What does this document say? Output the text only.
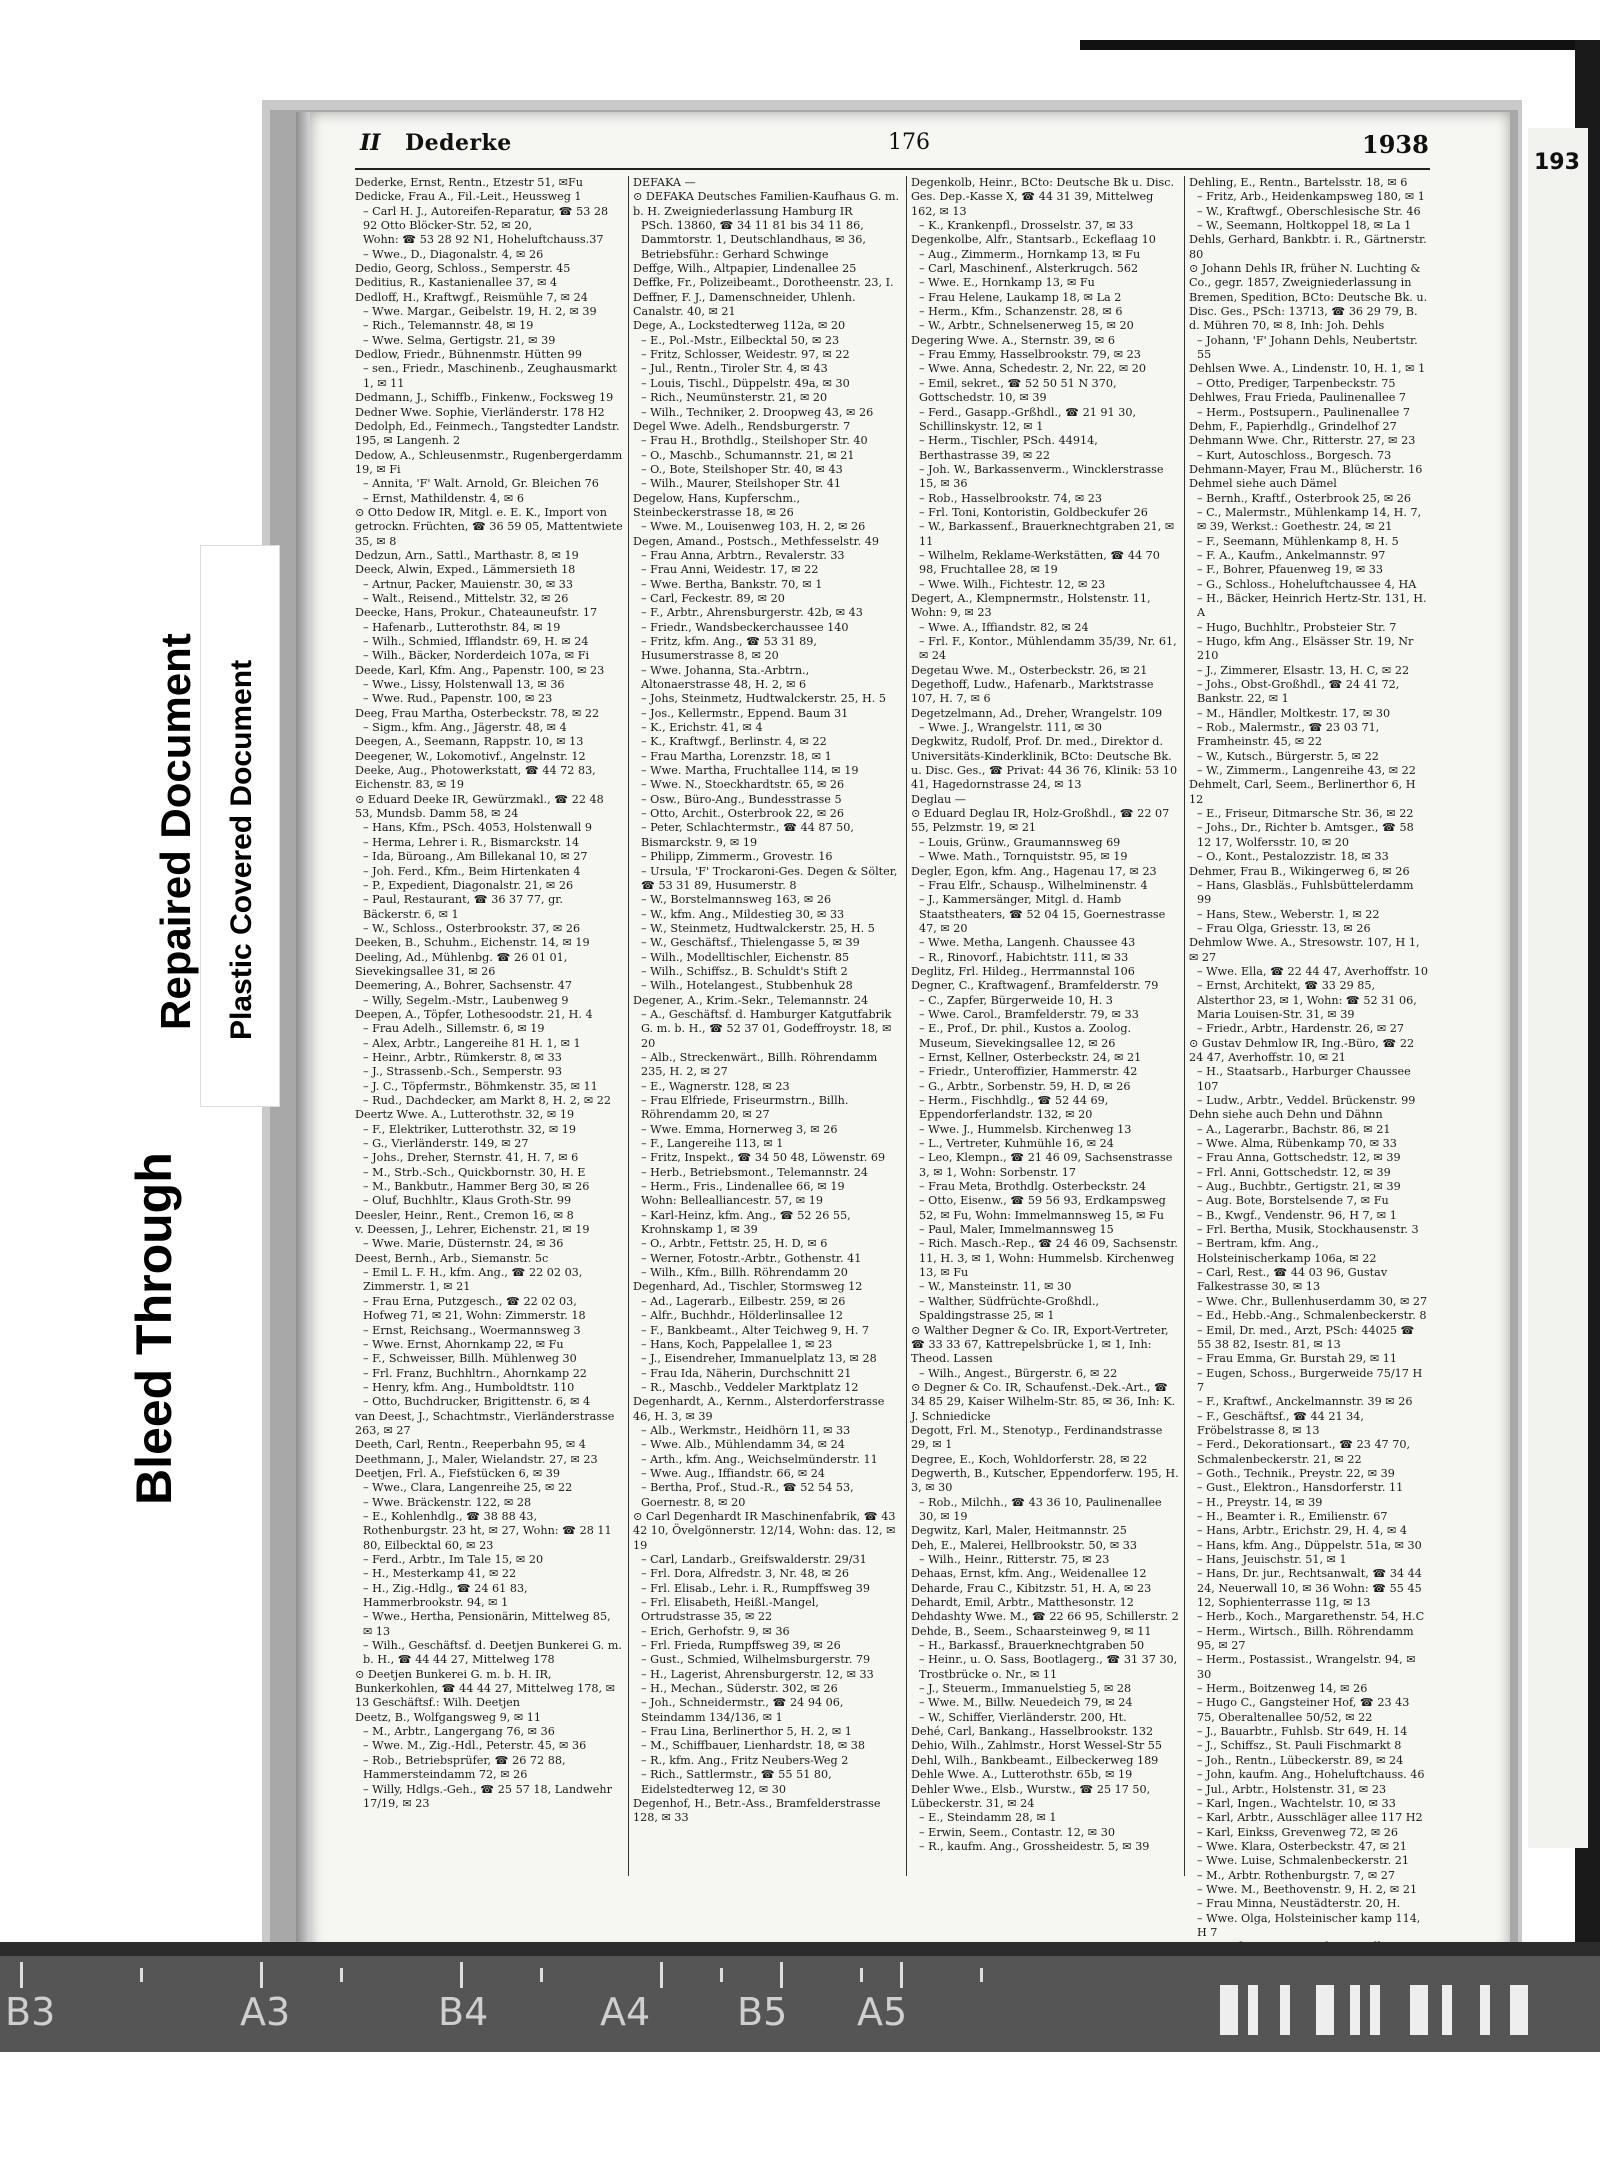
193
II Dederke	176	1938
Dederke, Ernst, Rentn., Etzestr 51, ✉Fu
Dedicke, Frau A., Fil.-Leit., Heussweg 1
– Carl H. J., Autoreifen-Reparatur, ☎ 53 28 92 Otto Blöcker-Str. 52, ✉ 20,
Wohn: ☎ 53 28 92 N1, Hoheluftchauss.37
– Wwe., D., Diagonalstr. 4, ✉ 26
Dedio, Georg, Schloss., Semperstr. 45
Deditius, R., Kastanienallee 37, ✉ 4
Dedloff, H., Kraftwgf., Reismühle 7, ✉ 24
– Wwe. Margar., Geibelstr. 19, H. 2, ✉ 39
– Rich., Telemannstr. 48, ✉ 19
– Wwe. Selma, Gertigstr. 21, ✉ 39
Dedlow, Friedr., Bühnenmstr. Hütten 99
– sen., Friedr., Maschinenb., Zeughausmarkt 1, ✉ 11
Dedmann, J., Schiffb., Finkenw., Focksweg 19
Dedner Wwe. Sophie, Vierländerstr. 178 H2
Dedolph, Ed., Feinmech., Tangstedter Landstr. 195, ✉ Langenh. 2
Dedow, A., Schleusenmstr., Rugenbergerdamm 19, ✉ Fi
– Annita, 'F' Walt. Arnold, Gr. Bleichen 76
– Ernst, Mathildenstr. 4, ✉ 6
⊙ Otto Dedow IR, Mitgl. e. E. K., Import von getrockn. Früchten, ☎ 36 59 05, Mattentwiete 35, ✉ 8
Dedzun, Arn., Sattl., Marthastr. 8, ✉ 19
Deeck, Alwin, Exped., Lämmersieth 18
– Artnur, Packer, Mauienstr. 30, ✉ 33
– Walt., Reisend., Mittelstr. 32, ✉ 26
Deecke, Hans, Prokur., Chateauneufstr. 17
– Hafenarb., Lutterothstr. 84, ✉ 19
– Wilh., Schmied, Ifflandstr. 69, H. ✉ 24
– Wilh., Bäcker, Norderdeich 107a, ✉ Fi
Deede, Karl, Kfm. Ang., Papenstr. 100, ✉ 23
– Wwe., Lissy, Holstenwall 13, ✉ 36
– Wwe. Rud., Papenstr. 100, ✉ 23
Deeg, Frau Martha, Osterbeckstr. 78, ✉ 22
– Sigm., kfm. Ang., Jägerstr. 48, ✉ 4
Deegen, A., Seemann, Rappstr. 10, ✉ 13
Deegener, W., Lokomotivf., Angelnstr. 12
Deeke, Aug., Photowerkstatt, ☎ 44 72 83, Eichenstr. 83, ✉ 19
⊙ Eduard Deeke IR, Gewürzmakl., ☎ 22 48 53, Mundsb. Damm 58, ✉ 24
– Hans, Kfm., PSch. 4053, Holstenwall 9
– Herma, Lehrer i. R., Bismarckstr. 14
– Ida, Büroang., Am Billekanal 10, ✉ 27
– Joh. Ferd., Kfm., Beim Hirtenkaten 4
– P., Expedient, Diagonalstr. 21, ✉ 26
– Paul, Restaurant, ☎ 36 37 77, gr. Bäckerstr. 6, ✉ 1
– W., Schloss., Osterbrookstr. 37, ✉ 26
Deeken, B., Schuhm., Eichenstr. 14, ✉ 19
Deeling, Ad., Mühlenbg. ☎ 26 01 01, Sievekingsallee 31, ✉ 26
Deemering, A., Bohrer, Sachsenstr. 47
– Willy, Segelm.-Mstr., Laubenweg 9
Deepen, A., Töpfer, Lothesoodstr. 21, H. 4
– Frau Adelh., Sillemstr. 6, ✉ 19
– Alex, Arbtr., Langereihe 81 H. 1, ✉ 1
– Heinr., Arbtr., Rümkerstr. 8, ✉ 33
– J., Strassenb.-Sch., Semperstr. 93
– J. C., Töpfermstr., Böhmkenstr. 35, ✉ 11
– Rud., Dachdecker, am Markt 8, H. 2, ✉ 22
Deertz Wwe. A., Lutterothstr. 32, ✉ 19
– F., Elektriker, Lutterothstr. 32, ✉ 19
– G., Vierländerstr. 149, ✉ 27
– Johs., Dreher, Sternstr. 41, H. 7, ✉ 6
– M., Strb.-Sch., Quickbornstr. 30, H. E
– M., Bankbutr., Hammer Berg 30, ✉ 26
– Oluf, Buchhltr., Klaus Groth-Str. 99
Deesler, Heinr., Rent., Cremon 16, ✉ 8
v. Deessen, J., Lehrer, Eichenstr. 21, ✉ 19
– Wwe. Marie, Düsternstr. 24, ✉ 36
Deest, Bernh., Arb., Siemanstr. 5c
– Emil L. F. H., kfm. Ang., ☎ 22 02 03, Zimmerstr. 1, ✉ 21
– Frau Erna, Putzgesch., ☎ 22 02 03, Hofweg 71, ✉ 21, Wohn: Zimmerstr. 18
– Ernst, Reichsang., Woermannsweg 3
– Wwe. Ernst, Ahornkamp 22, ✉ Fu
– F., Schweisser, Billh. Mühlenweg 30
– Frl. Franz, Buchhltrn., Ahornkamp 22
– Henry, kfm. Ang., Humboldtstr. 110
– Otto, Buchdrucker, Brigittenstr. 6, ✉ 4
van Deest, J., Schachtmstr., Vierländerstrasse 263, ✉ 27
Deeth, Carl, Rentn., Reeperbahn 95, ✉ 4
Deethmann, J., Maler, Wielandstr. 27, ✉ 23
Deetjen, Frl. A., Fiefstücken 6, ✉ 39
– Wwe., Clara, Langenreihe 25, ✉ 22
– Wwe. Bräckenstr. 122, ✉ 28
– E., Kohlenhdlg., ☎ 38 88 43, Rothenburgstr. 23 ht, ✉ 27, Wohn: ☎ 28 11 80, Eilbecktal 60, ✉ 23
– Ferd., Arbtr., Im Tale 15, ✉ 20
– H., Mesterkamp 41, ✉ 22
– H., Zig.-Hdlg., ☎ 24 61 83, Hammerbrookstr. 94, ✉ 1
– Wwe., Hertha, Pensionärin, Mittelweg 85, ✉ 13
– Wilh., Geschäftsf. d. Deetjen Bunkerei G. m. b. H., ☎ 44 44 27, Mittelweg 178
⊙ Deetjen Bunkerei G. m. b. H. IR, Bunkerkohlen, ☎ 44 44 27, Mittelweg 178, ✉ 13 Geschäftsf.: Wilh. Deetjen
Deetz, B., Wolfgangsweg 9, ✉ 11
– M., Arbtr., Langergang 76, ✉ 36
– Wwe. M., Zig.-Hdl., Peterstr. 45, ✉ 36
– Rob., Betriebsprüfer, ☎ 26 72 88, Hammersteindamm 72, ✉ 26
– Willy, Hdlgs.-Geh., ☎ 25 57 18, Landwehr 17/19, ✉ 23
DEFAKA —
⊙ DEFAKA Deutsches Familien-Kaufhaus G. m. b. H. Zweigniederlassung Hamburg IR
PSch. 13860, ☎ 34 11 81 bis 34 11 86, Dammtorstr. 1, Deutschlandhaus, ✉ 36, Betriebsführ.: Gerhard Schwinge
Deffge, Wilh., Altpapier, Lindenallee 25
Deffke, Fr., Polizeibeamt., Dorotheenstr. 23, I.
Deffner, F. J., Damenschneider, Uhlenh. Canalstr. 40, ✉ 21
Dege, A., Lockstedterweg 112a, ✉ 20
– E., Pol.-Mstr., Eilbecktal 50, ✉ 23
– Fritz, Schlosser, Weidestr. 97, ✉ 22
– Jul., Rentn., Tiroler Str. 4, ✉ 43
– Louis, Tischl., Düppelstr. 49a, ✉ 30
– Rich., Neumünsterstr. 21, ✉ 20
– Wilh., Techniker, 2. Droopweg 43, ✉ 26
Degel Wwe. Adelh., Rendsburgerstr. 7
– Frau H., Brothdlg., Steilshoper Str. 40
– O., Maschb., Schumannstr. 21, ✉ 21
– O., Bote, Steilshoper Str. 40, ✉ 43
– Wilh., Maurer, Steilshoper Str. 41
Degelow, Hans, Kupferschm., Steinbeckerstrasse 18, ✉ 26
– Wwe. M., Louisenweg 103, H. 2, ✉ 26
Degen, Amand., Postsch., Methfesselstr. 49
– Frau Anna, Arbtrn., Revalerstr. 33
– Frau Anni, Weidestr. 17, ✉ 22
– Wwe. Bertha, Bankstr. 70, ✉ 1
– Carl, Feckestr. 89, ✉ 20
– F., Arbtr., Ahrensburgerstr. 42b, ✉ 43
– Friedr., Wandsbeckerchaussee 140
– Fritz, kfm. Ang., ☎ 53 31 89, Husumerstrasse 8, ✉ 20
– Wwe. Johanna, Sta.-Arbtrn., Altonaerstrasse 48, H. 2, ✉ 6
– Johs, Steinmetz, Hudtwalckerstr. 25, H. 5
– Jos., Kellermstr., Eppend. Baum 31
– K., Erichstr. 41, ✉ 4
– K., Kraftwgf., Berlinstr. 4, ✉ 22
– Frau Martha, Lorenzstr. 18, ✉ 1
– Wwe. Martha, Fruchtallee 114, ✉ 19
– Wwe. N., Stoeckhardtstr. 65, ✉ 26
– Osw., Büro-Ang., Bundesstrasse 5
– Otto, Archit., Osterbrook 22, ✉ 26
– Peter, Schlachtermstr., ☎ 44 87 50, Bismarckstr. 9, ✉ 19
– Philipp, Zimmerm., Grovestr. 16
– Ursula, 'F' Trockaroni-Ges. Degen & Sölter, ☎ 53 31 89, Husumerstr. 8
– W., Borstelmannsweg 163, ✉ 26
– W., kfm. Ang., Mildestieg 30, ✉ 33
– W., Steinmetz, Hudtwalckerstr. 25, H. 5
– W., Geschäftsf., Thielengasse 5, ✉ 39
– Wilh., Modelltischler, Eichenstr. 85
– Wilh., Schiffsz., B. Schuldt's Stift 2
– Wilh., Hotelangest., Stubbenhuk 28
Degener, A., Krim.-Sekr., Telemannstr. 24
– A., Geschäftsf. d. Hamburger Katgutfabrik G. m. b. H., ☎ 52 37 01, Godeffroystr. 18, ✉ 20
– Alb., Streckenwärt., Billh. Röhrendamm 235, H. 2, ✉ 27
– E., Wagnerstr. 128, ✉ 23
– Frau Elfriede, Friseurmstrn., Billh. Röhrendamm 20, ✉ 27
– Wwe. Emma, Hornerweg 3, ✉ 26
– F., Langereihe 113, ✉ 1
– Fritz, Inspekt., ☎ 34 50 48, Löwenstr. 69
– Herb., Betriebsmont., Telemannstr. 24
– Herm., Fris., Lindenallee 66, ✉ 19
Wohn: Bellealliancestr. 57, ✉ 19
– Karl-Heinz, kfm. Ang., ☎ 52 26 55, Krohnskamp 1, ✉ 39
– O., Arbtr., Fettstr. 25, H. D, ✉ 6
– Werner, Fotostr.-Arbtr., Gothenstr. 41
– Wilh., Kfm., Billh. Röhrendamm 20
Degenhard, Ad., Tischler, Stormsweg 12
– Ad., Lagerarb., Eilbestr. 259, ✉ 26
– Alfr., Buchhdr., Hölderlinsallee 12
– F., Bankbeamt., Alter Teichweg 9, H. 7
– Hans, Koch, Pappelallee 1, ✉ 23
– J., Eisendreher, Immanuelplatz 13, ✉ 28
– Frau Ida, Näherin, Durchschnitt 21
– R., Maschb., Veddeler Marktplatz 12
Degenhardt, A., Kernm., Alsterdorferstrasse 46, H. 3, ✉ 39
– Alb., Werkmstr., Heidhörn 11, ✉ 33
– Wwe. Alb., Mühlendamm 34, ✉ 24
– Arth., kfm. Ang., Weichselmünderstr. 11
– Wwe. Aug., Iffiandstr. 66, ✉ 24
– Bertha, Prof., Stud.-R., ☎ 52 54 53, Goernestr. 8, ✉ 20
⊙ Carl Degenhardt IR Maschinenfabrik, ☎ 43 42 10, Övelgönnerstr. 12/14, Wohn: das. 12, ✉ 19
– Carl, Landarb., Greifswalderstr. 29/31
– Frl. Dora, Alfredstr. 3, Nr. 48, ✉ 26
– Frl. Elisab., Lehr. i. R., Rumpffsweg 39
– Frl. Elisabeth, Heißl.-Mangel, Ortrudstrasse 35, ✉ 22
– Erich, Gerhofstr. 9, ✉ 36
– Frl. Frieda, Rumpffsweg 39, ✉ 26
– Gust., Schmied, Wilhelmsburgerstr. 79
– H., Lagerist, Ahrensburgerstr. 12, ✉ 33
– H., Mechan., Süderstr. 302, ✉ 26
– Joh., Schneidermstr., ☎ 24 94 06, Steindamm 134/136, ✉ 1
– Frau Lina, Berlinerthor 5, H. 2, ✉ 1
– M., Schiffbauer, Lienhardstr. 18, ✉ 38
– R., kfm. Ang., Fritz Neubers-Weg 2
– Rich., Sattlermstr., ☎ 55 51 80, Eidelstedterweg 12, ✉ 30
Degenhof, H., Betr.-Ass., Bramfelderstrasse 128, ✉ 33
Degenkolb, Heinr., BCto: Deutsche Bk u. Disc. Ges. Dep.-Kasse X, ☎ 44 31 39, Mittelweg 162, ✉ 13
– K., Krankenpfl., Drosselstr. 37, ✉ 33
Degenkolbe, Alfr., Stantsarb., Eckeflaag 10
– Aug., Zimmerm., Hornkamp 13, ✉ Fu
– Carl, Maschinenf., Alsterkrugch. 562
– Wwe. E., Hornkamp 13, ✉ Fu
– Frau Helene, Laukamp 18, ✉ La 2
– Herm., Kfm., Schanzenstr. 28, ✉ 6
– W., Arbtr., Schnelsenerweg 15, ✉ 20
Degering Wwe. A., Sternstr. 39, ✉ 6
– Frau Emmy, Hasselbrookstr. 79, ✉ 23
– Wwe. Anna, Schedestr. 2, Nr. 22, ✉ 20
– Emil, sekret., ☎ 52 50 51 N 370, Gottschedstr. 10, ✉ 39
– Ferd., Gasapp.-Grßhdl., ☎ 21 91 30, Schillinskystr. 12, ✉ 1
– Herm., Tischler, PSch. 44914, Berthastrasse 39, ✉ 22
– Joh. W., Barkassenverm., Wincklerstrasse 15, ✉ 36
– Rob., Hasselbrookstr. 74, ✉ 23
– Frl. Toni, Kontoristin, Goldbeckufer 26
– W., Barkassenf., Brauerknechtgraben 21, ✉ 11
– Wilhelm, Reklame-Werkstätten, ☎ 44 70 98, Fruchtallee 28, ✉ 19
– Wwe. Wilh., Fichtestr. 12, ✉ 23
Degert, A., Klempnermstr., Holstenstr. 11, Wohn: 9, ✉ 23
– Wwe. A., Iffiandstr. 82, ✉ 24
– Frl. F., Kontor., Mühlendamm 35/39, Nr. 61, ✉ 24
Degetau Wwe. M., Osterbeckstr. 26, ✉ 21
Degethoff, Ludw., Hafenarb., Marktstrasse 107, H. 7, ✉ 6
Degetzelmann, Ad., Dreher, Wrangelstr. 109
– Wwe. J., Wrangelstr. 111, ✉ 30
Degkwitz, Rudolf, Prof. Dr. med., Direktor d. Universitäts-Kinderklinik, BCto: Deutsche Bk. u. Disc. Ges., ☎ Privat: 44 36 76, Klinik: 53 10 41, Hagedornstrasse 24, ✉ 13
Deglau —
⊙ Eduard Deglau IR, Holz-Großhdl., ☎ 22 07 55, Pelzmstr. 19, ✉ 21
– Louis, Grünw., Graumannsweg 69
– Wwe. Math., Tornquiststr. 95, ✉ 19
Degler, Egon, kfm. Ang., Hagenau 17, ✉ 23
– Frau Elfr., Schausp., Wilhelminenstr. 4
– J., Kammersänger, Mitgl. d. Hamb Staatstheaters, ☎ 52 04 15, Goernestrasse 47, ✉ 20
– Wwe. Metha, Langenh. Chaussee 43
– R., Rinovorf., Habichtstr. 111, ✉ 33
Deglitz, Frl. Hildeg., Herrmannstal 106
Degner, C., Kraftwagenf., Bramfelderstr. 79
– C., Zapfer, Bürgerweide 10, H. 3
– Wwe. Carol., Bramfelderstr. 79, ✉ 33
– E., Prof., Dr. phil., Kustos a. Zoolog. Museum, Sievekingsallee 12, ✉ 26
– Ernst, Kellner, Osterbeckstr. 24, ✉ 21
– Friedr., Unteroffizier, Hammerstr. 42
– G., Arbtr., Sorbenstr. 59, H. D, ✉ 26
– Herm., Fischhdlg., ☎ 52 44 69, Eppendorferlandstr. 132, ✉ 20
– Wwe. J., Hummelsb. Kirchenweg 13
– L., Vertreter, Kuhmühle 16, ✉ 24
– Leo, Klempn., ☎ 21 46 09, Sachsenstrasse 3, ✉ 1, Wohn: Sorbenstr. 17
– Frau Meta, Brothdlg. Osterbeckstr. 24
– Otto, Eisenw., ☎ 59 56 93, Erdkampsweg 52, ✉ Fu, Wohn: Immelmannsweg 15, ✉ Fu
– Paul, Maler, Immelmannsweg 15
– Rich. Masch.-Rep., ☎ 24 46 09, Sachsenstr. 11, H. 3, ✉ 1, Wohn: Hummelsb. Kirchenweg 13, ✉ Fu
– W., Mansteinstr. 11, ✉ 30
– Walther, Südfrüchte-Großhdl., Spaldingstrasse 25, ✉ 1
⊙ Walther Degner & Co. IR, Export-Vertreter, ☎ 33 33 67, Kattrepelsbrücke 1, ✉ 1, Inh: Theod. Lassen
– Wilh., Angest., Bürgerstr. 6, ✉ 22
⊙ Degner & Co. IR, Schaufenst.-Dek.-Art., ☎ 34 85 29, Kaiser Wilhelm-Str. 85, ✉ 36, Inh: K. J. Schniedicke
Degott, Frl. M., Stenotyp., Ferdinandstrasse 29, ✉ 1
Degree, E., Koch, Wohldorferstr. 28, ✉ 22
Degwerth, B., Kutscher, Eppendorferw. 195, H. 3, ✉ 30
– Rob., Milchh., ☎ 43 36 10, Paulinenallee 30, ✉ 19
Degwitz, Karl, Maler, Heitmannstr. 25
Deh, E., Malerei, Hellbrookstr. 50, ✉ 33
– Wilh., Heinr., Ritterstr. 75, ✉ 23
Dehaas, Ernst, kfm. Ang., Weidenallee 12
Deharde, Frau C., Kibitzstr. 51, H. A, ✉ 23
Dehardt, Emil, Arbtr., Matthesonstr. 12
Dehdashty Wwe. M., ☎ 22 66 95, Schillerstr. 2
Dehde, B., Seem., Schaarsteinweg 9, ✉ 11
– H., Barkassf., Brauerknechtgraben 50
– Heinr., u. O. Sass, Bootlagerg., ☎ 31 37 30, Trostbrücke o. Nr., ✉ 11
– J., Steuerm., Immanuelstieg 5, ✉ 28
– Wwe. M., Billw. Neuedeich 79, ✉ 24
– W., Schiffer, Vierländerstr. 200, Ht.
Dehé, Carl, Bankang., Hasselbrookstr. 132
Dehio, Wilh., Zahlmstr., Horst Wessel-Str 55
Dehl, Wilh., Bankbeamt., Eilbeckerweg 189
Dehle Wwe. A., Lutterothstr. 65b, ✉ 19
Dehler Wwe., Elsb., Wurstw., ☎ 25 17 50, Lübeckerstr. 31, ✉ 24
– E., Steindamm 28, ✉ 1
– Erwin, Seem., Contastr. 12, ✉ 30
– R., kaufm. Ang., Grossheidestr. 5, ✉ 39
Dehling, E., Rentn., Bartelsstr. 18, ✉ 6
– Fritz, Arb., Heidenkampsweg 180, ✉ 1
– W., Kraftwgf., Oberschlesische Str. 46
– W., Seemann, Holtkoppel 18, ✉ La 1
Dehls, Gerhard, Bankbtr. i. R., Gärtnerstr. 80
⊙ Johann Dehls IR, früher N. Luchting & Co., gegr. 1857, Zweigniederlassung in Bremen, Spedition, BCto: Deutsche Bk. u. Disc. Ges., PSch: 13713, ☎ 36 29 79, B. d. Mühren 70, ✉ 8, Inh: Joh. Dehls
– Johann, 'F' Johann Dehls, Neubertstr. 55
Dehlsen Wwe. A., Lindenstr. 10, H. 1, ✉ 1
– Otto, Prediger, Tarpenbeckstr. 75
Dehlwes, Frau Frieda, Paulinenallee 7
– Herm., Postsupern., Paulinenallee 7
Dehm, F., Papierhdlg., Grindelhof 27
Dehmann Wwe. Chr., Ritterstr. 27, ✉ 23
– Kurt, Autoschloss., Borgesch. 73
Dehmann-Mayer, Frau M., Blücherstr. 16
Dehmel siehe auch Dämel
– Bernh., Kraftf., Osterbrook 25, ✉ 26
– C., Malermstr., Mühlenkamp 14, H. 7, ✉ 39, Werkst.: Goethestr. 24, ✉ 21
– F., Seemann, Mühlenkamp 8, H. 5
– F. A., Kaufm., Ankelmannstr. 97
– F., Bohrer, Pfauenweg 19, ✉ 33
– G., Schloss., Hoheluftchaussee 4, HA
– H., Bäcker, Heinrich Hertz-Str. 131, H. A
– Hugo, Buchhltr., Probsteier Str. 7
– Hugo, kfm Ang., Elsässer Str. 19, Nr 210
– J., Zimmerer, Elsastr. 13, H. C, ✉ 22
– Johs., Obst-Großhdl., ☎ 24 41 72, Bankstr. 22, ✉ 1
– M., Händler, Moltkestr. 17, ✉ 30
– Rob., Malermstr., ☎ 23 03 71, Framheinstr. 45, ✉ 22
– W., Kutsch., Bürgerstr. 5, ✉ 22
– W., Zimmerm., Langenreihe 43, ✉ 22
Dehmelt, Carl, Seem., Berlinerthor 6, H 12
– E., Friseur, Ditmarsche Str. 36, ✉ 22
– Johs., Dr., Richter b. Amtsger., ☎ 58 12 17, Wolfersstr. 10, ✉ 20
– O., Kont., Pestalozzistr. 18, ✉ 33
Dehmer, Frau B., Wikingerweg 6, ✉ 26
– Hans, Glasbläs., Fuhlsbüttelerdamm 99
– Hans, Stew., Weberstr. 1, ✉ 22
– Frau Olga, Griesstr. 13, ✉ 26
Dehmlow Wwe. A., Stresowstr. 107, H 1, ✉ 27
– Wwe. Ella, ☎ 22 44 47, Averhoffstr. 10
– Ernst, Architekt, ☎ 33 29 85, Alsterthor 23, ✉ 1, Wohn: ☎ 52 31 06, Maria Louisen-Str. 31, ✉ 39
– Friedr., Arbtr., Hardenstr. 26, ✉ 27
⊙ Gustav Dehmlow IR, Ing.-Büro, ☎ 22 24 47, Averhoffstr. 10, ✉ 21
– H., Staatsarb., Harburger Chaussee 107
– Ludw., Arbtr., Veddel. Brückenstr. 99
Dehn siehe auch Dehn und Dähnn
– A., Lagerarbr., Bachstr. 86, ✉ 21
– Wwe. Alma, Rübenkamp 70, ✉ 33
– Frau Anna, Gottschedstr. 12, ✉ 39
– Frl. Anni, Gottschedstr. 12, ✉ 39
– Aug., Buchbtr., Gertigstr. 21, ✉ 39
– Aug. Bote, Borstelsende 7, ✉ Fu
– B., Kwgf., Vendenstr. 96, H 7, ✉ 1
– Frl. Bertha, Musik, Stockhausenstr. 3
– Bertram, kfm. Ang., Holsteinischerkamp 106a, ✉ 22
– Carl, Rest., ☎ 44 03 96, Gustav Falkestrasse 30, ✉ 13
– Wwe. Chr., Bullenhuserdamm 30, ✉ 27
– Ed., Hebb.-Ang., Schmalenbeckerstr. 8
– Emil, Dr. med., Arzt, PSch: 44025 ☎ 55 38 82, Isestr. 81, ✉ 13
– Frau Emma, Gr. Burstah 29, ✉ 11
– Eugen, Schoss., Burgerweide 75/17 H 7
– F., Kraftwf., Anckelmannstr. 39 ✉ 26
– F., Geschäftsf., ☎ 44 21 34, Fröbelstrasse 8, ✉ 13
– Ferd., Dekorationsart., ☎ 23 47 70, Schmalenbeckerstr. 21, ✉ 22
– Goth., Technik., Preystr. 22, ✉ 39
– Gust., Elektron., Hansdorferstr. 11
– H., Preystr. 14, ✉ 39
– H., Beamter i. R., Emilienstr. 67
– Hans, Arbtr., Erichstr. 29, H. 4, ✉ 4
– Hans, kfm. Ang., Düppelstr. 51a, ✉ 30
– Hans, Jeuischstr. 51, ✉ 1
– Hans, Dr. jur., Rechtsanwalt, ☎ 34 44 24, Neuerwall 10, ✉ 36 Wohn: ☎ 55 45 12, Sophienterrasse 11g, ✉ 13
– Herb., Koch., Margarethenstr. 54, H.C
– Herm., Wirtsch., Billh. Röhrendamm 95, ✉ 27
– Herm., Postassist., Wrangelstr. 94, ✉ 30
– Herm., Boitzenweg 14, ✉ 26
– Hugo C., Gangsteiner Hof, ☎ 23 43 75, Oberaltenallee 50/52, ✉ 22
– J., Bauarbtr., Fuhlsb. Str 649, H. 14
– J., Schiffsz., St. Pauli Fischmarkt 8
– Joh., Rentn., Lübeckerstr. 89, ✉ 24
– John, kaufm. Ang., Hoheluftchauss. 46
– Jul., Arbtr., Holstenstr. 31, ✉ 23
– Karl, Ingen., Wachtelstr. 10, ✉ 33
– Karl, Arbtr., Ausschläger allee 117 H2
– Karl, Einkss, Grevenweg 72, ✉ 26
– Wwe. Klara, Osterbeckstr. 47, ✉ 21
– Wwe. Luise, Schmalenbeckerstr. 21
– M., Arbtr. Rothenburgstr. 7, ✉ 27
– Wwe. M., Beethovenstr. 9, H. 2, ✉ 21
– Frau Minna, Neustädterstr. 20, H.
– Wwe. Olga, Holsteinischer kamp 114, H 7
Bleed Through
Repaired Document Plastic Covered Document
B3	A3	B4	A4 B5 A5
